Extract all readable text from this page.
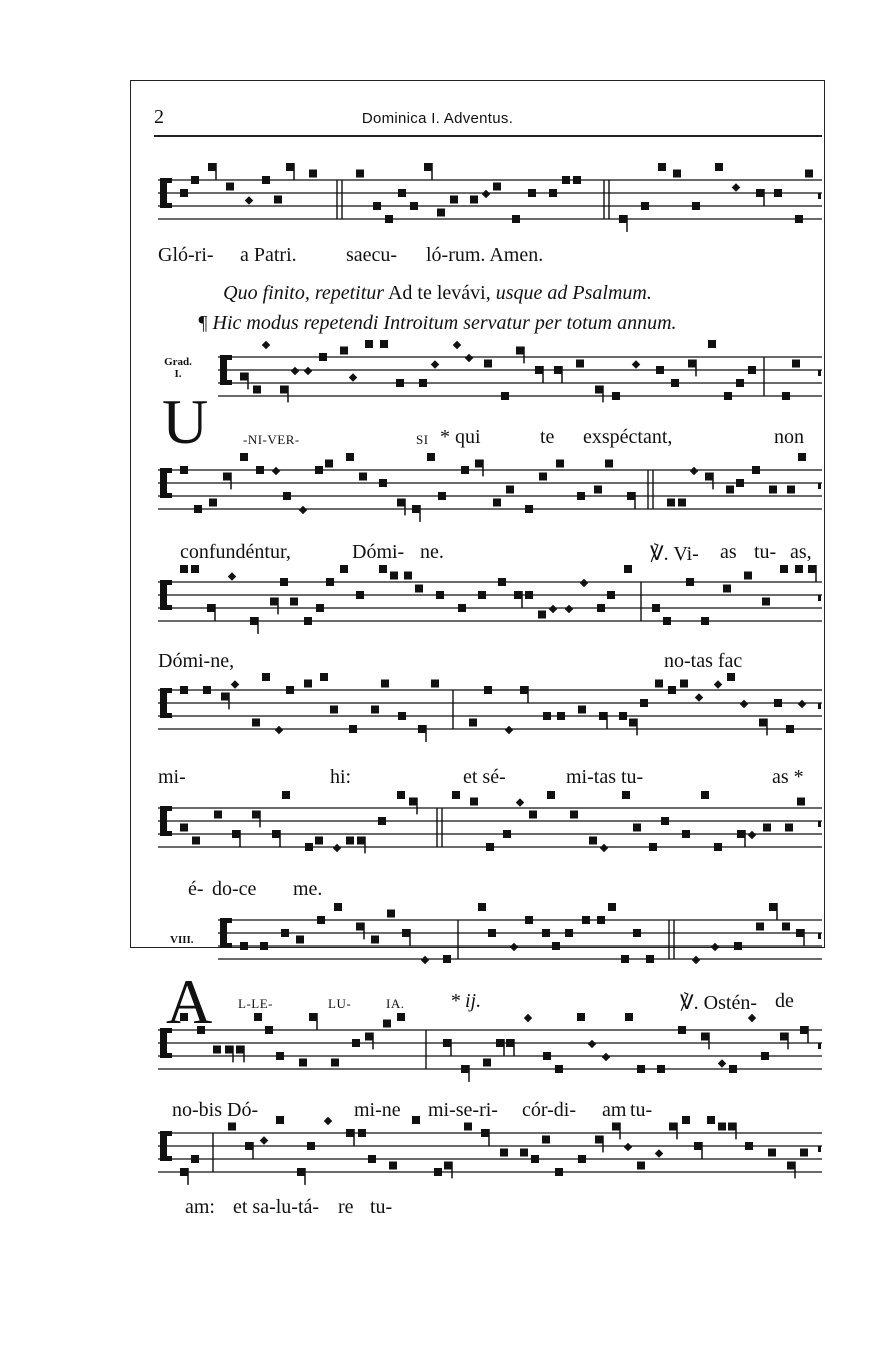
2	Dominica I. Adventus.
Gló-ri- a Patri. saecu- ló-rum. Amen.
Quo finito, repetitur Ad te levávi, usque ad Psalmum.
¶ Hic modus repetendi Introitum servatur per totum annum.
Grad.
I.
U	-NI-VER-	SI * qui	te exspéctant,	non
confundéntur,	Dómi- ne.	℣. Vi- as tu- as,
Dómi-ne,	no-tas fac
mi-	hi:	et sé-	mi-tas tu-	as *
é- do-ce me.
VIII.
A L-LE-	LU-	IA. * ij.	℣. Ostén- de
no-bis Dó-	mi-ne mi-se-ri- cór-di- am tu-
am: et sa-lu-tá- re tu-
